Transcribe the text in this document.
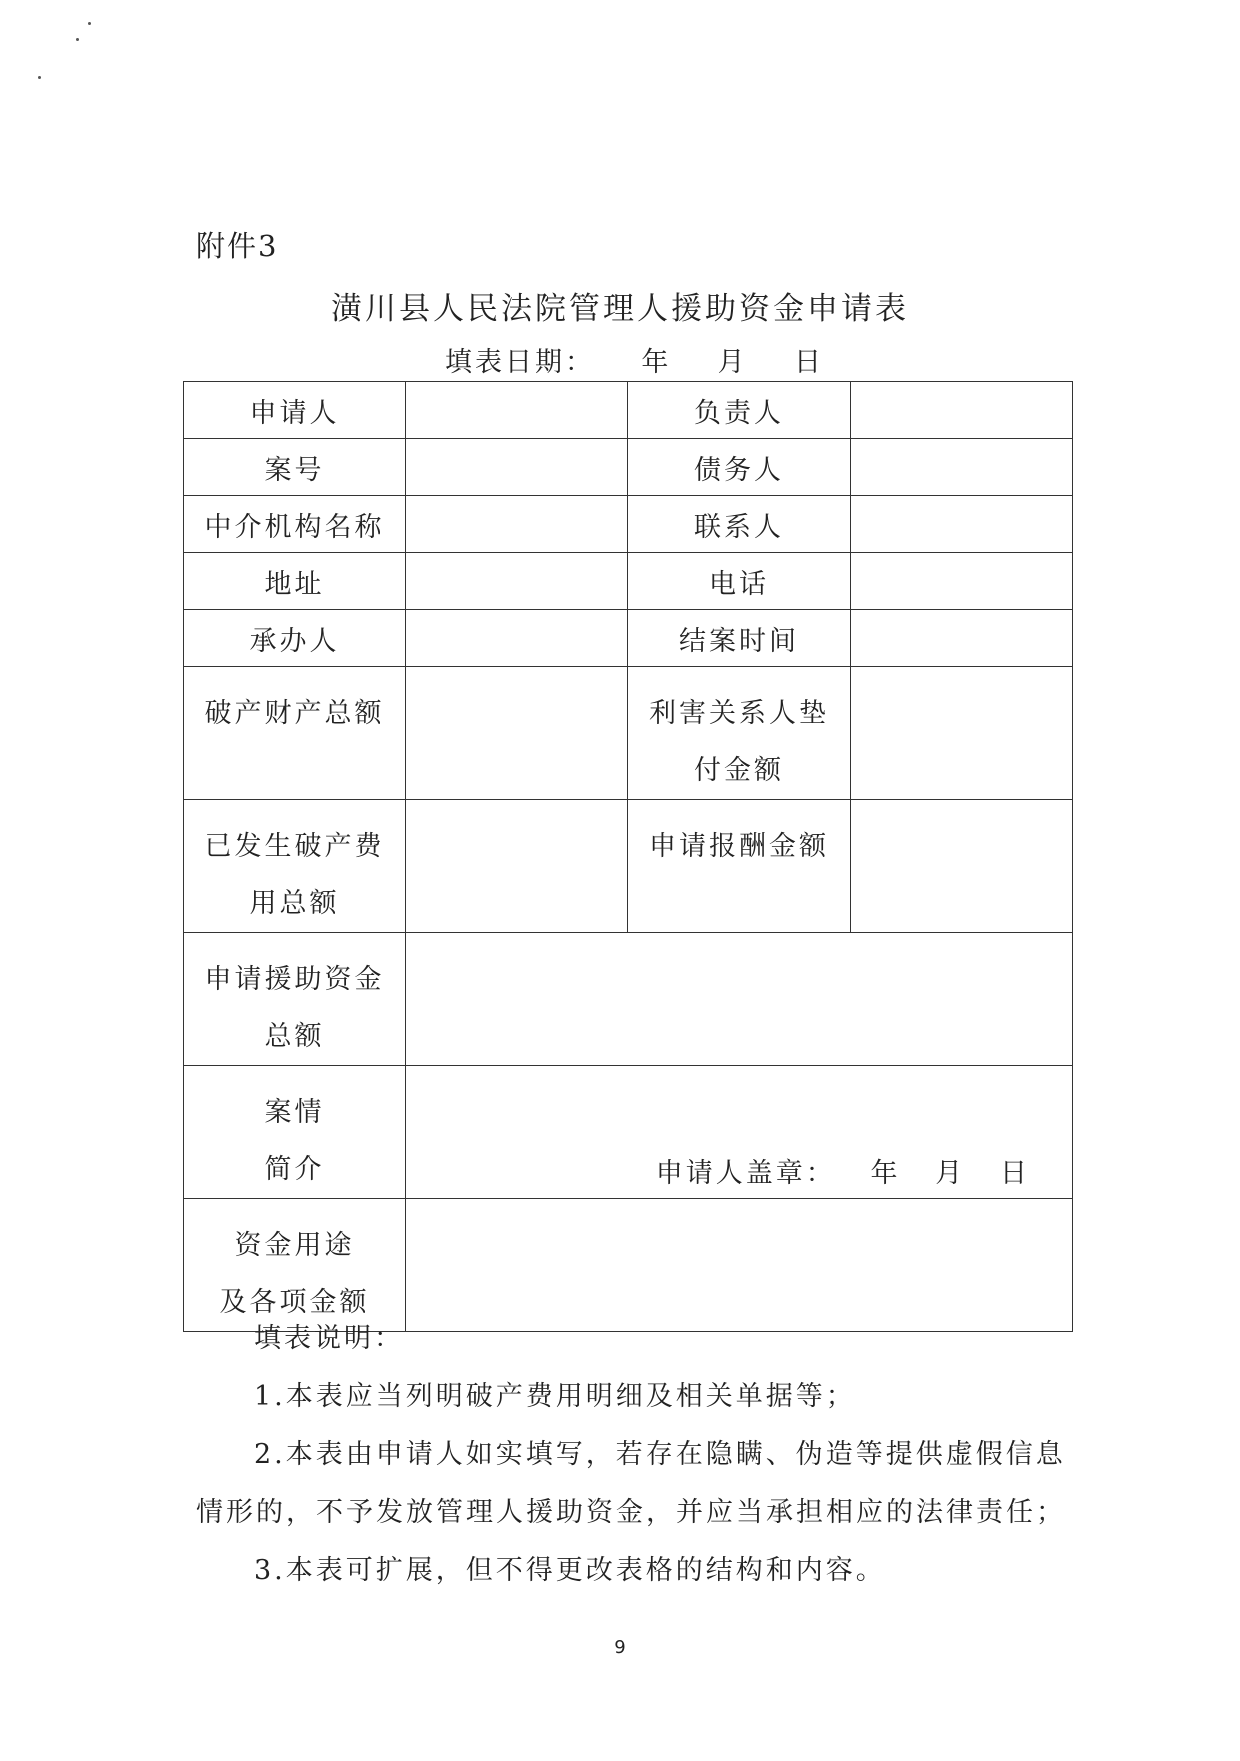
附件3
潢川县人民法院管理人援助资金申请表
填表日期：    年    月    日
申请人		负责人	
案号		债务人	
中介机构名称		联系人	
地址		电话	
承办人		结案时间	
破产财产总额		利害关系人垫
付金额	
已发生破产费
用总额		申请报酬金额	
申请援助资金
总额			
案情
简介	申请人盖章：   年   月   日		

资金用途
及各项金额			

填表说明：

1.本表应当列明破产费用明细及相关单据等；

2.本表由申请人如实填写，若存在隐瞒、伪造等提供虚假信息

情形的，不予发放管理人援助资金，并应当承担相应的法律责任；

3.本表可扩展，但不得更改表格的结构和内容。

9
